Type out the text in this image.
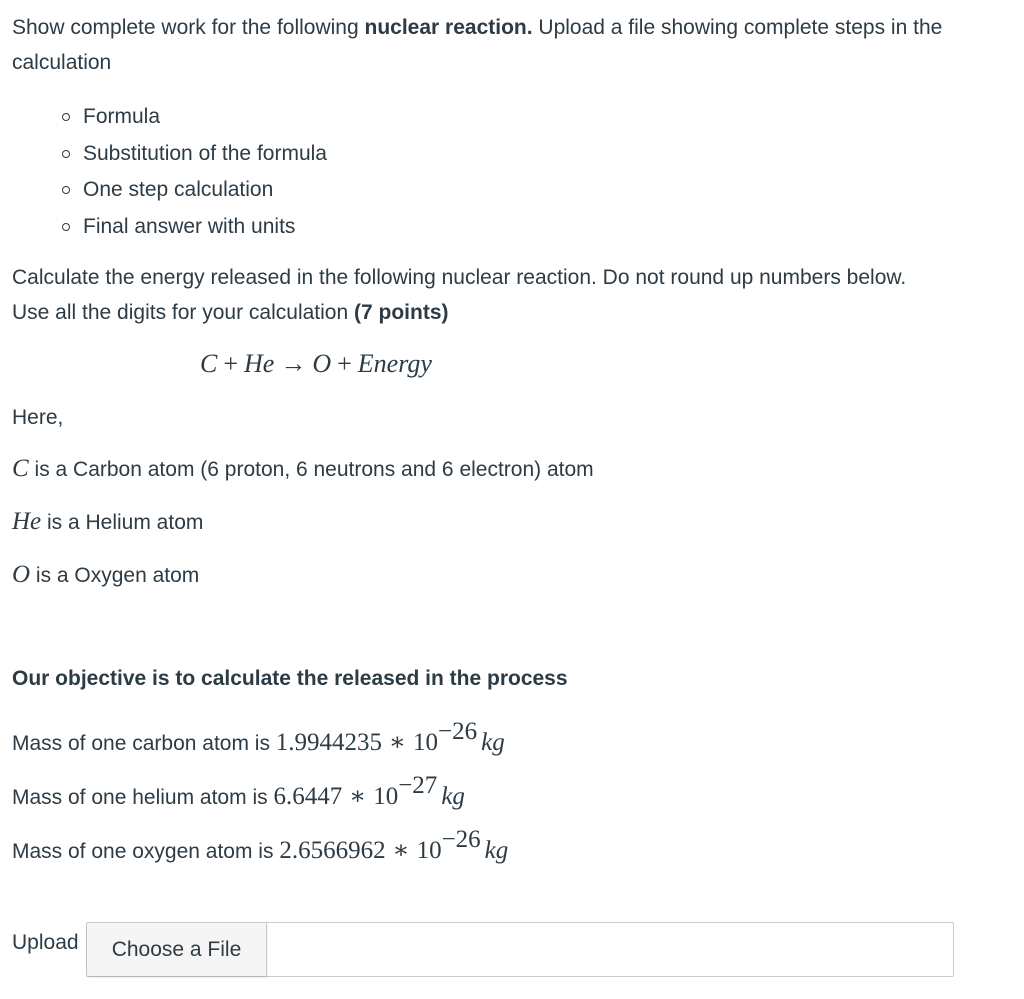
Show complete work for the following nuclear reaction. Upload a file showing complete steps in the

calculation

Formula
Substitution of the formula
One step calculation
Final answer with units

Calculate the energy released in the following nuclear reaction. Do not round up numbers below.

Use all the digits for your calculation (7 points)

C + He → O + Energy

Here,

C is a Carbon atom (6 proton, 6 neutrons and 6 electron) atom

He is a Helium atom

O is a Oxygen atom

Our objective is to calculate the released in the process

Mass of one carbon atom is 1.9944235 ∗ 10−26 kg

Mass of one helium atom is 6.6447 ∗ 10−27 kg

Mass of one oxygen atom is 2.6566962 ∗ 10−26 kg

Upload	Choose a File
